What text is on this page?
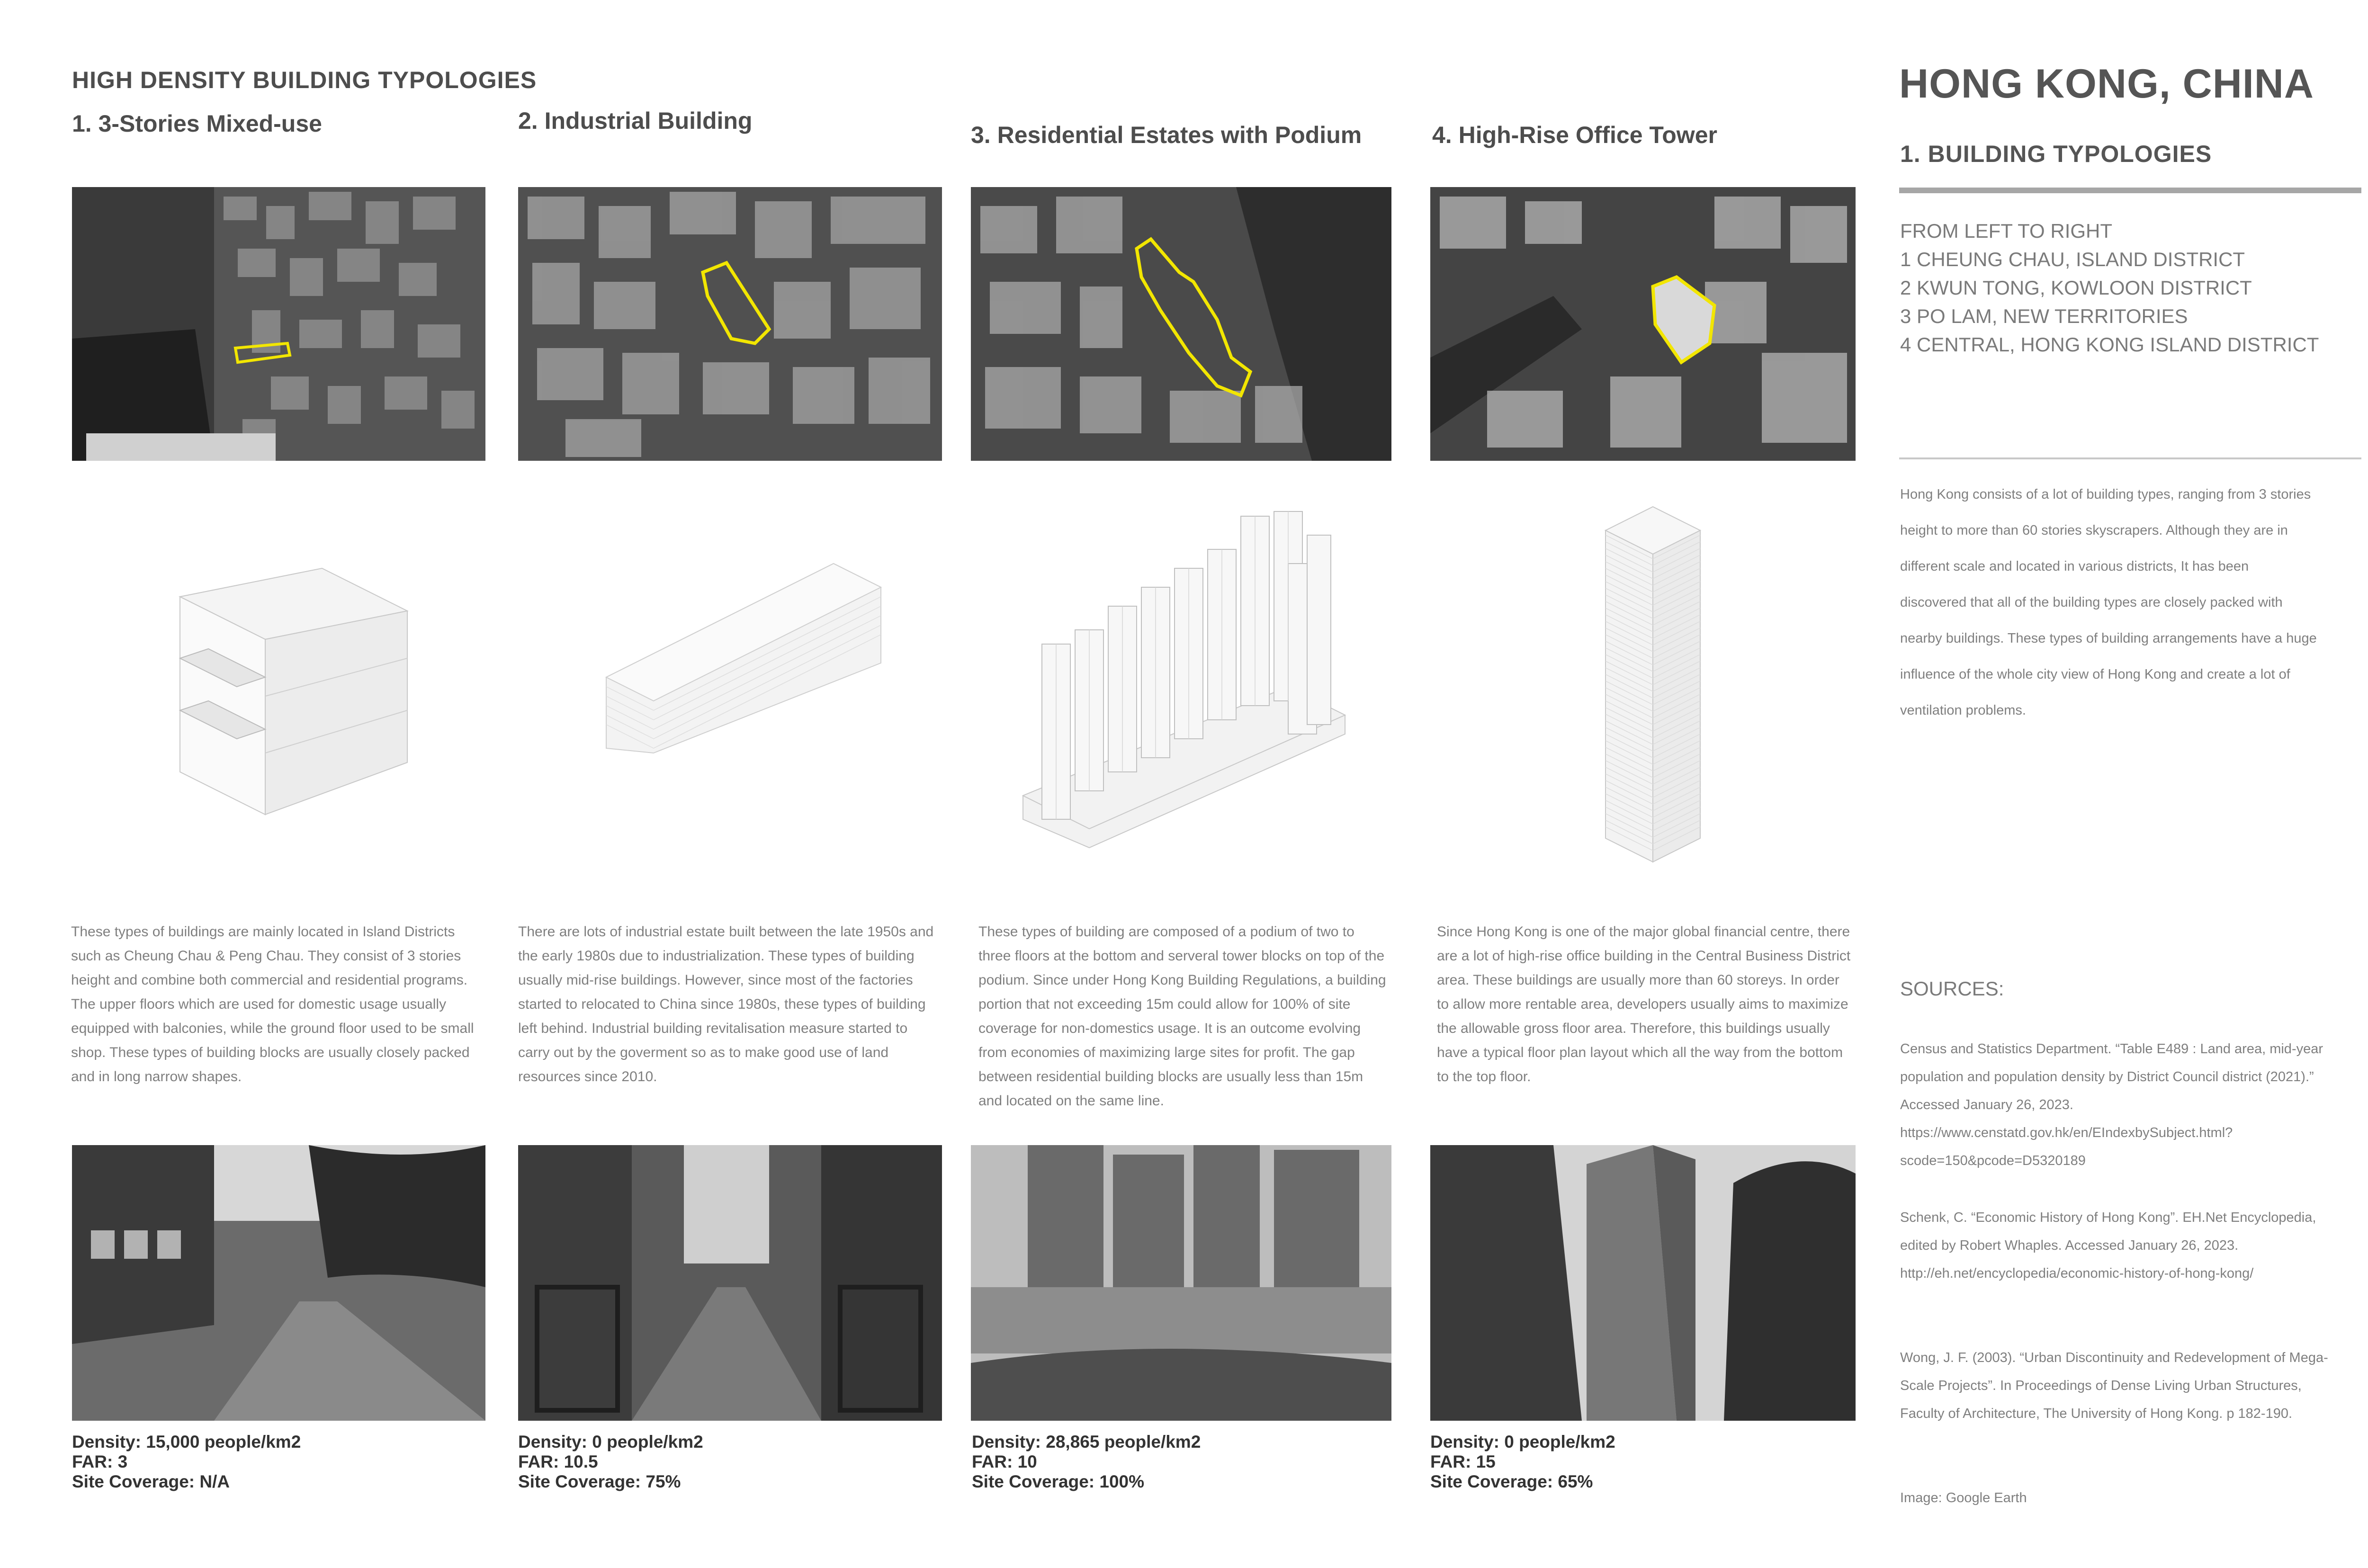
HIGH DENSITY BUILDING TYPOLOGIES
1. 3-Stories Mixed-use	2. Industrial Building
3. Residential Estates with Podium	4. High-Rise Office Tower
These types of buildings are mainly located in Island Districts such as Cheung Chau & Peng Chau. They consist of 3 stories height and combine both commercial and residential programs. The upper floors which are used for domestic usage usually equipped with balconies, while the ground floor used to be small shop. These types of building blocks are usually closely packed and in long narrow shapes.
There are lots of industrial estate built between the late 1950s and the early 1980s due to industrialization. These types of building usually mid-rise buildings. However, since most of the factories started to relocated to China since 1980s, these types of building left behind. Industrial building revitalisation measure started to carry out by the goverment so as to make good use of land resources since 2010.
These types of building are composed of a podium of two to three floors at the bottom and serveral tower blocks on top of the podium. Since under Hong Kong Building Regulations, a building portion that not exceeding 15m could allow for 100% of site coverage for non-domestics usage. It is an outcome evolving from economies of maximizing large sites for profit. The gap between residential building blocks are usually less than 15m and located on the same line.
Since Hong Kong is one of the major global financial centre, there are a lot of high-rise office building in the Central Business District area. These buildings are usually more than 60 storeys. In order to allow more rentable area, developers usually aims to maximize the allowable gross floor area. Therefore, this buildings usually have a typical floor plan layout which all the way from the bottom to the top floor.
Density: 15,000 people/km2
FAR: 3
Site Coverage: N/A
Density: 0 people/km2
FAR: 10.5
Site Coverage: 75%
Density: 28,865 people/km2
FAR: 10
Site Coverage: 100%
Density: 0 people/km2
FAR: 15
Site Coverage: 65%
HONG KONG, CHINA
1. BUILDING TYPOLOGIES
FROM LEFT TO RIGHT
1 CHEUNG CHAU, ISLAND DISTRICT
2 KWUN TONG, KOWLOON DISTRICT
3 PO LAM, NEW TERRITORIES
4 CENTRAL, HONG KONG ISLAND DISTRICT
Hong Kong consists of a lot of building types, ranging from 3 stories height to more than 60 stories skyscrapers. Although they are in different scale and located in various districts, It has been discovered that all of the building types are closely packed with nearby buildings. These types of building arrangements have a huge influence of the whole city view of Hong Kong and create a lot of ventilation problems.
SOURCES:
Census and Statistics Department. “Table E489 : Land area, mid-year population and population density by District Council district (2021).” Accessed January 26, 2023. https://www.censtatd.gov.hk/en/EIndexbySubject.html?scode=150&pcode=D5320189
Schenk, C. “Economic History of Hong Kong”. EH.Net Encyclopedia, edited by Robert Whaples. Accessed January 26, 2023. http://eh.net/encyclopedia/economic-history-of-hong-kong/
Wong, J. F. (2003). “Urban Discontinuity and Redevelopment of Mega-Scale Projects”. In Proceedings of Dense Living Urban Structures, Faculty of Architecture, The University of Hong Kong. p 182-190.
Image: Google Earth
